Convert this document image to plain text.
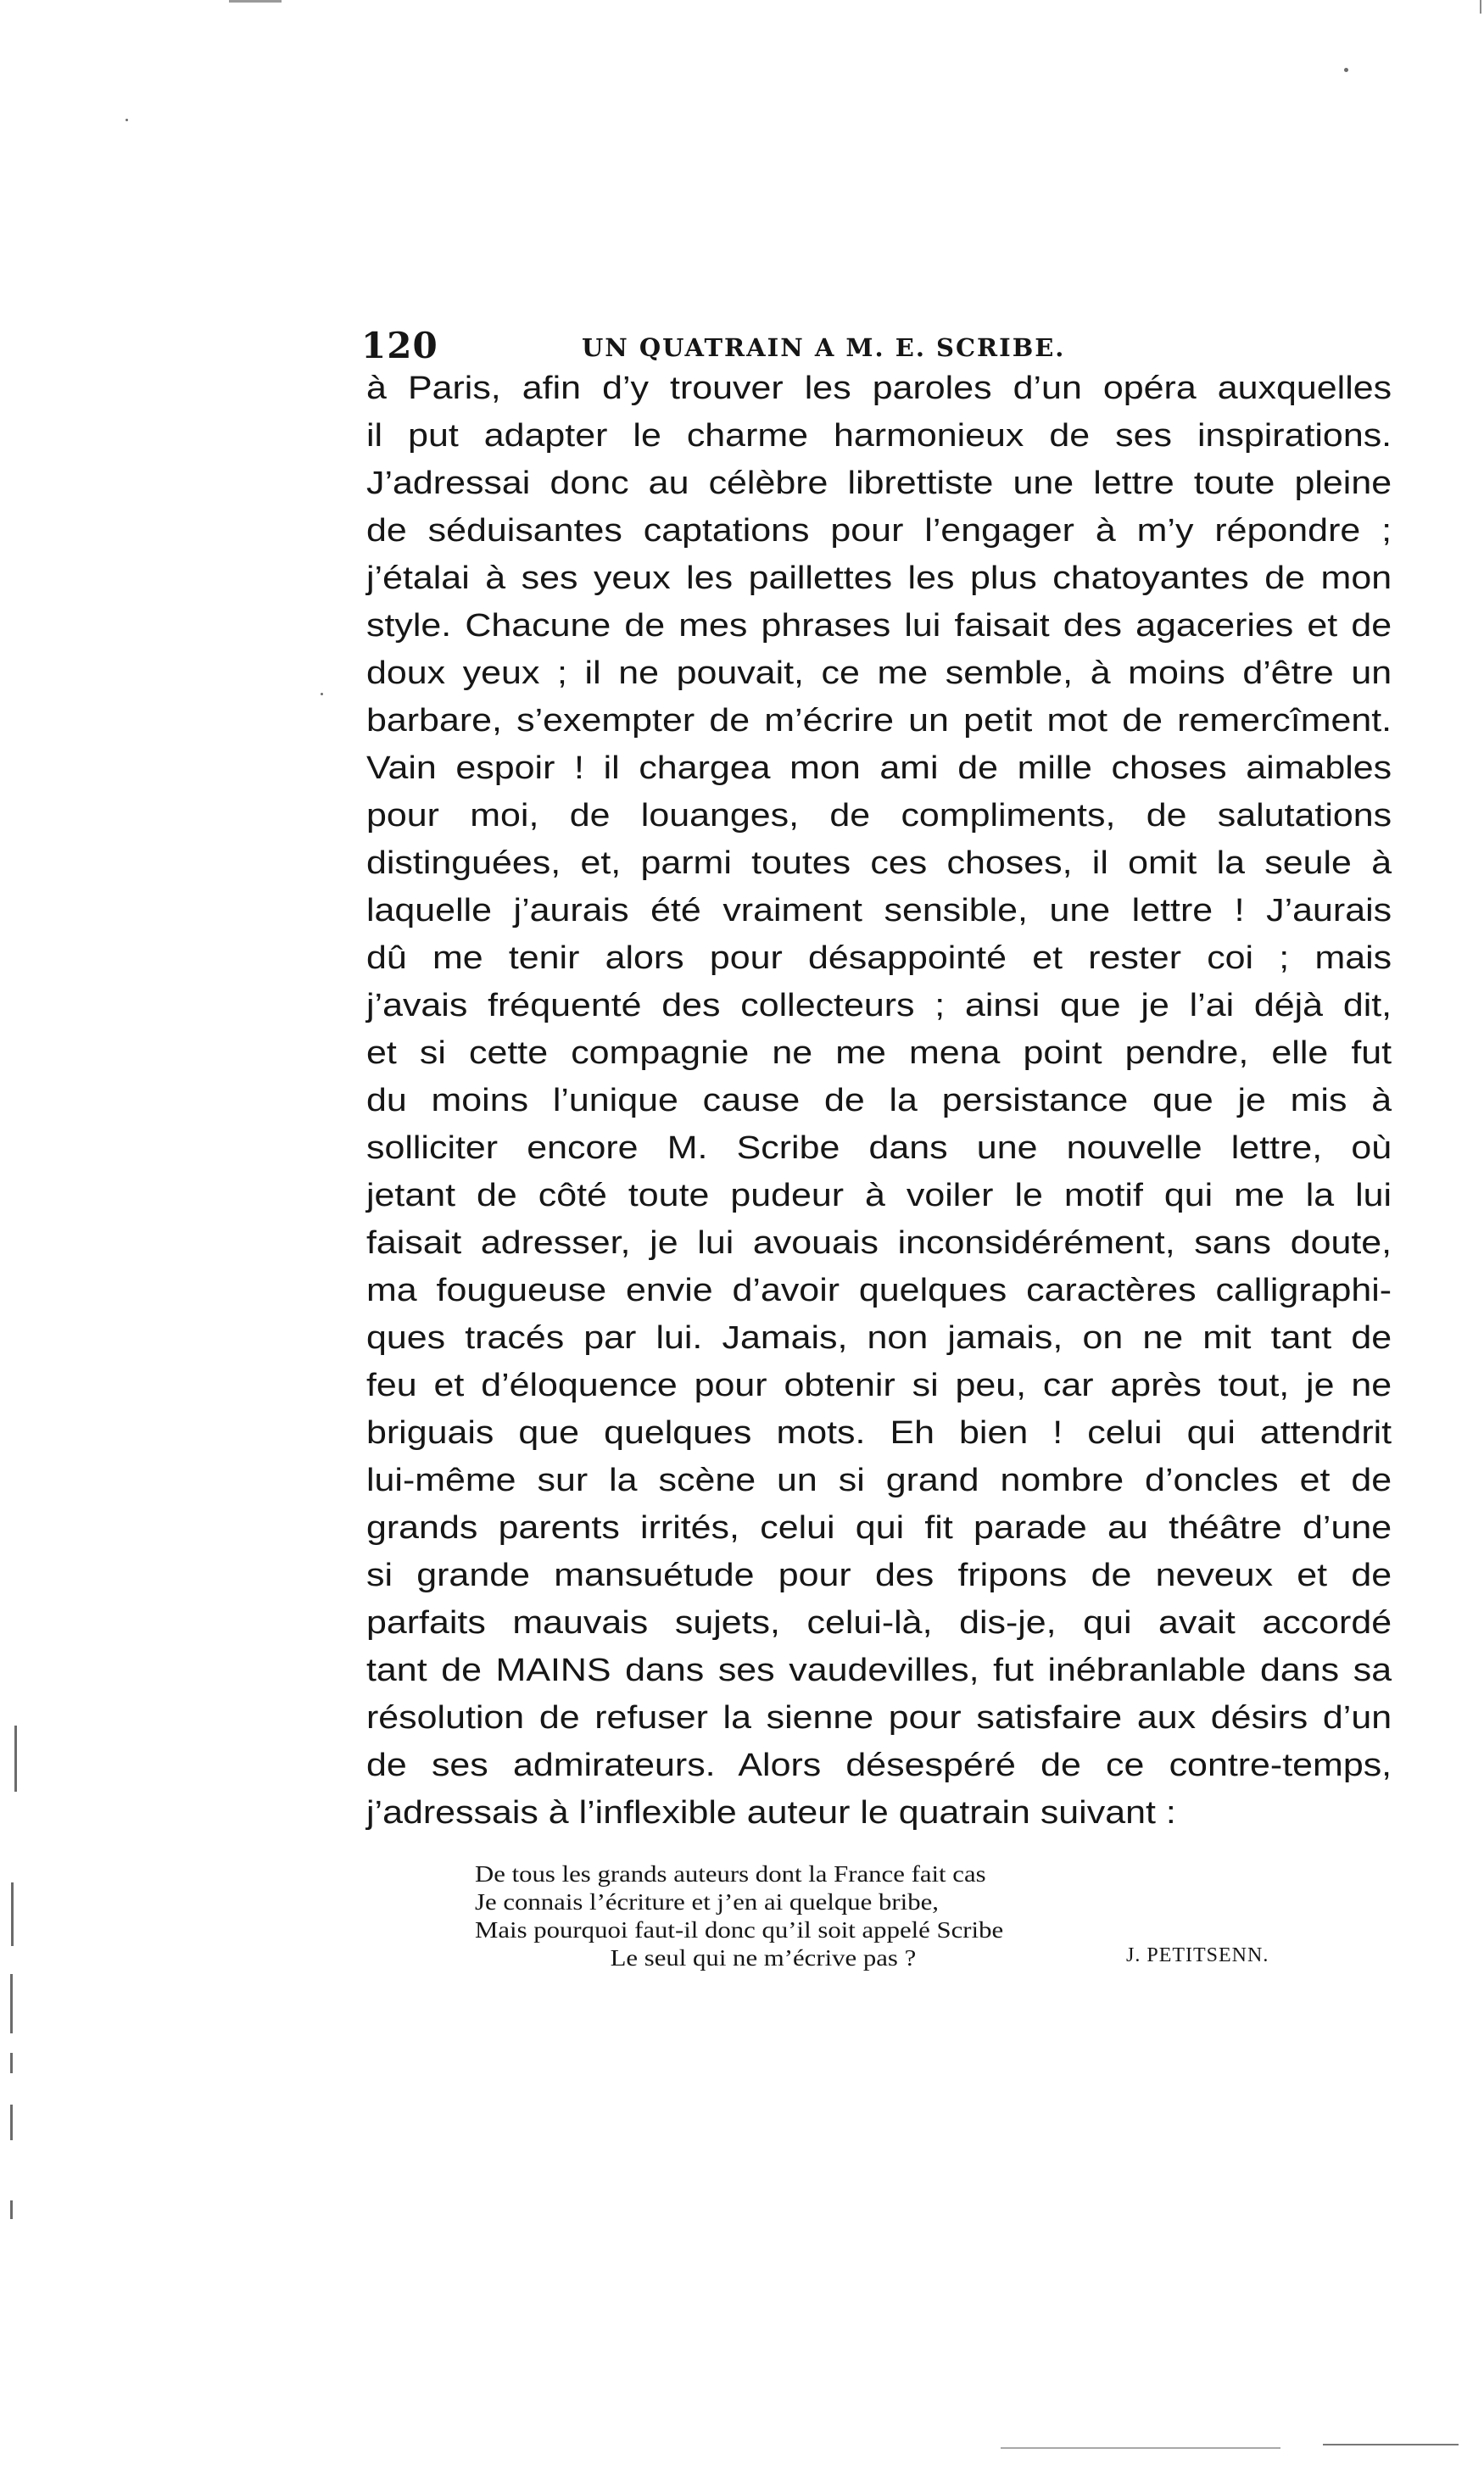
120	UN QUATRAIN A M. E. SCRIBE.
à Paris, afin d’y trouver les paroles d’un opéra auxquelles
il put adapter le charme harmonieux de ses inspirations.
J’adressai donc au célèbre librettiste une lettre toute pleine
de séduisantes captations pour l’engager à m’y répondre ;
j’étalai à ses yeux les paillettes les plus chatoyantes de mon
style. Chacune de mes phrases lui faisait des agaceries et de
doux yeux ; il ne pouvait, ce me semble, à moins d’être un
barbare, s’exempter de m’écrire un petit mot de remercîment.
Vain espoir ! il chargea mon ami de mille choses aimables
pour moi, de louanges, de compliments, de salutations
distinguées, et, parmi toutes ces choses, il omit la seule à
laquelle j’aurais été vraiment sensible, une lettre ! J’aurais
dû me tenir alors pour désappointé et rester coi ; mais
j’avais fréquenté des collecteurs ; ainsi que je l’ai déjà dit,
et si cette compagnie ne me mena point pendre, elle fut
du moins l’unique cause de la persistance que je mis à
solliciter encore M. Scribe dans une nouvelle lettre, où
jetant de côté toute pudeur à voiler le motif qui me la lui
faisait adresser, je lui avouais inconsidérément, sans doute,
ma fougueuse envie d’avoir quelques caractères calligraphi-
ques tracés par lui. Jamais, non jamais, on ne mit tant de
feu et d’éloquence pour obtenir si peu, car après tout, je ne
briguais que quelques mots. Eh bien ! celui qui attendrit
lui-même sur la scène un si grand nombre d’oncles et de
grands parents irrités, celui qui fit parade au théâtre d’une
si grande mansuétude pour des fripons de neveux et de
parfaits mauvais sujets, celui-là, dis-je, qui avait accordé
tant de MAINS dans ses vaudevilles, fut inébranlable dans sa
résolution de refuser la sienne pour satisfaire aux désirs d’un
de ses admirateurs. Alors désespéré de ce contre-temps,
j’adressais à l’inflexible auteur le quatrain suivant :
De tous les grands auteurs dont la France fait cas
Je connais l’écriture et j’en ai quelque bribe,
Mais pourquoi faut-il donc qu’il soit appelé Scribe
Le seul qui ne m’écrive pas ?	J. PETITSENN.
